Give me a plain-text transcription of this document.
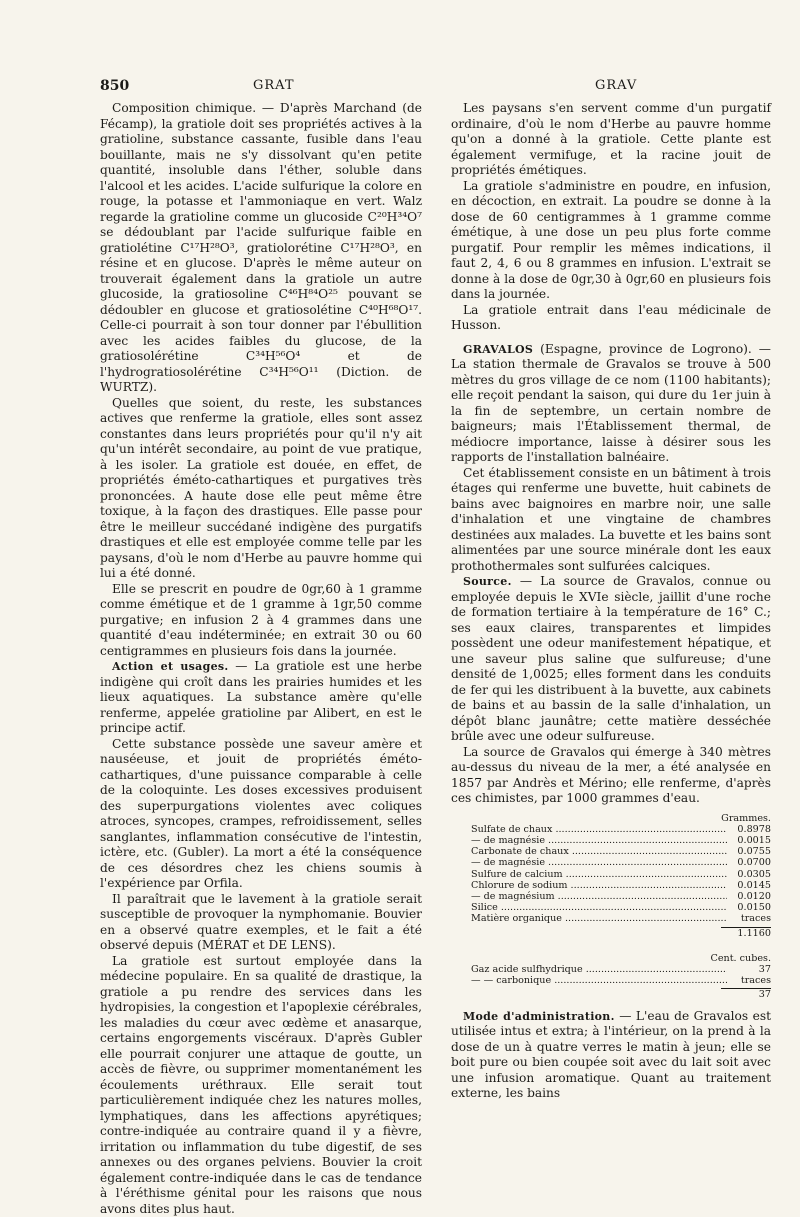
850	GRAT	GRAV

Composition chimique. — D'après Marchand (de Fécamp), la gratiole doit ses propriétés actives à la gratioline, substance cassante, fusible dans l'eau bouillante, mais ne s'y dissolvant qu'en petite quantité, insoluble dans l'éther, soluble dans l'alcool et les acides. L'acide sulfurique la colore en rouge, la potasse et l'ammoniaque en vert. Walz regarde la gratioline comme un glucoside C²⁰H³⁴O⁷ se dédoublant par l'acide sulfurique faible en gratiolétine C¹⁷H²⁸O³, gratiolorétine C¹⁷H²⁸O³, en résine et en glucose. D'après le même auteur on trouverait également dans la gratiole un autre glucoside, la gratiosoline C⁴⁶H⁸⁴O²⁵ pouvant se dédoubler en glucose et gratiosolétine C⁴⁰H⁶⁸O¹⁷. Celle-ci pourrait à son tour donner par l'ébullition avec les acides faibles du glucose, de la gratiosolérétine C³⁴H⁵⁶O⁴ et de l'hydrogratiosolérétine C³⁴H⁵⁶O¹¹ (Diction. de WURTZ).

Quelles que soient, du reste, les substances actives que renferme la gratiole, elles sont assez constantes dans leurs propriétés pour qu'il n'y ait qu'un intérêt secondaire, au point de vue pratique, à les isoler. La gratiole est douée, en effet, de propriétés éméto-cathartiques et purgatives très prononcées. A haute dose elle peut même être toxique, à la façon des drastiques. Elle passe pour être le meilleur succédané indigène des purgatifs drastiques et elle est employée comme telle par les paysans, d'où le nom d'Herbe au pauvre homme qui lui a été donné.

Elle se prescrit en poudre de 0gr,60 à 1 gramme comme émétique et de 1 gramme à 1gr,50 comme purgative; en infusion 2 à 4 grammes dans une quantité d'eau indéterminée; en extrait 30 ou 60 centigrammes en plusieurs fois dans la journée.

Action et usages. — La gratiole est une herbe indigène qui croît dans les prairies humides et les lieux aquatiques. La substance amère qu'elle renferme, appelée gratioline par Alibert, en est le principe actif.

Cette substance possède une saveur amère et nauséeuse, et jouit de propriétés éméto-cathartiques, d'une puissance comparable à celle de la coloquinte. Les doses excessives produisent des superpurgations violentes avec coliques atroces, syncopes, crampes, refroidissement, selles sanglantes, inflammation consécutive de l'intestin, ictère, etc. (Gubler). La mort a été la conséquence de ces désordres chez les chiens soumis à l'expérience par Orfila.

Il paraîtrait que le lavement à la gratiole serait susceptible de provoquer la nymphomanie. Bouvier en a observé quatre exemples, et le fait a été observé depuis (MÉRAT et DE LENS).

La gratiole est surtout employée dans la médecine populaire. En sa qualité de drastique, la gratiole a pu rendre des services dans les hydropisies, la congestion et l'apoplexie cérébrales, les maladies du cœur avec œdème et anasarque, certains engorgements viscéraux. D'après Gubler elle pourrait conjurer une attaque de goutte, un accès de fièvre, ou supprimer momentanément les écoulements uréthraux. Elle serait tout particulièrement indiquée chez les natures molles, lymphatiques, dans les affections apyrétiques; contre-indiquée au contraire quand il y a fièvre, irritation ou inflammation du tube digestif, de ses annexes ou des organes pelviens. Bouvier la croit également contre-indiquée dans le cas de tendance à l'éréthisme génital pour les raisons que nous avons dites plus haut.

Les paysans s'en servent comme d'un purgatif ordinaire, d'où le nom d'Herbe au pauvre homme qu'on a donné à la gratiole. Cette plante est également vermifuge, et la racine jouit de propriétés émétiques.

La gratiole s'administre en poudre, en infusion, en décoction, en extrait. La poudre se donne à la dose de 60 centigrammes à 1 gramme comme émétique, à une dose un peu plus forte comme purgatif. Pour remplir les mêmes indications, il faut 2, 4, 6 ou 8 grammes en infusion. L'extrait se donne à la dose de 0gr,30 à 0gr,60 en plusieurs fois dans la journée.

La gratiole entrait dans l'eau médicinale de Husson.

GRAVALOS (Espagne, province de Logrono). — La station thermale de Gravalos se trouve à 500 mètres du gros village de ce nom (1100 habitants); elle reçoit pendant la saison, qui dure du 1er juin à la fin de septembre, un certain nombre de baigneurs; mais l'Établissement thermal, de médiocre importance, laisse à désirer sous les rapports de l'installation balnéaire.

Cet établissement consiste en un bâtiment à trois étages qui renferme une buvette, huit cabinets de bains avec baignoires en marbre noir, une salle d'inhalation et une vingtaine de chambres destinées aux malades. La buvette et les bains sont alimentées par une source minérale dont les eaux prothothermales sont sulfurées calciques.

Source. — La source de Gravalos, connue ou employée depuis le XVIe siècle, jaillit d'une roche de formation tertiaire à la température de 16° C.; ses eaux claires, transparentes et limpides possèdent une odeur manifestement hépatique, et une saveur plus saline que sulfureuse; d'une densité de 1,0025; elles forment dans les conduits de fer qui les distribuent à la buvette, aux cabinets de bains et au bassin de la salle d'inhalation, un dépôt blanc jaunâtre; cette matière desséchée brûle avec une odeur sulfureuse.

La source de Gravalos qui émerge à 340 mètres au-dessus du niveau de la mer, a été analysée en 1857 par Andrès et Mérino; elle renferme, d'après ces chimistes, par 1000 grammes d'eau.

Grammes.
Sulfate de chaux .....	0.8978
— de magnésie .....	0.0015
Carbonate de chaux .....	0.0755
— de magnésie .....	0.0700
Sulfure de calcium .....	0.0305
Chlorure de sodium .....	0.0145
— de magnésium .....	0.0120
Silice .....	0.0150
Matière organique .....	traces
1.1160
Cent. cubes.
Gaz acide sulfhydrique .....	37
— — carbonique .....	traces
37

Mode d'administration. — L'eau de Gravalos est utilisée intus et extra; à l'intérieur, on la prend à la dose de un à quatre verres le matin à jeun; elle se boit pure ou bien coupée soit avec du lait soit avec une infusion aromatique. Quant au traitement externe, les bains
